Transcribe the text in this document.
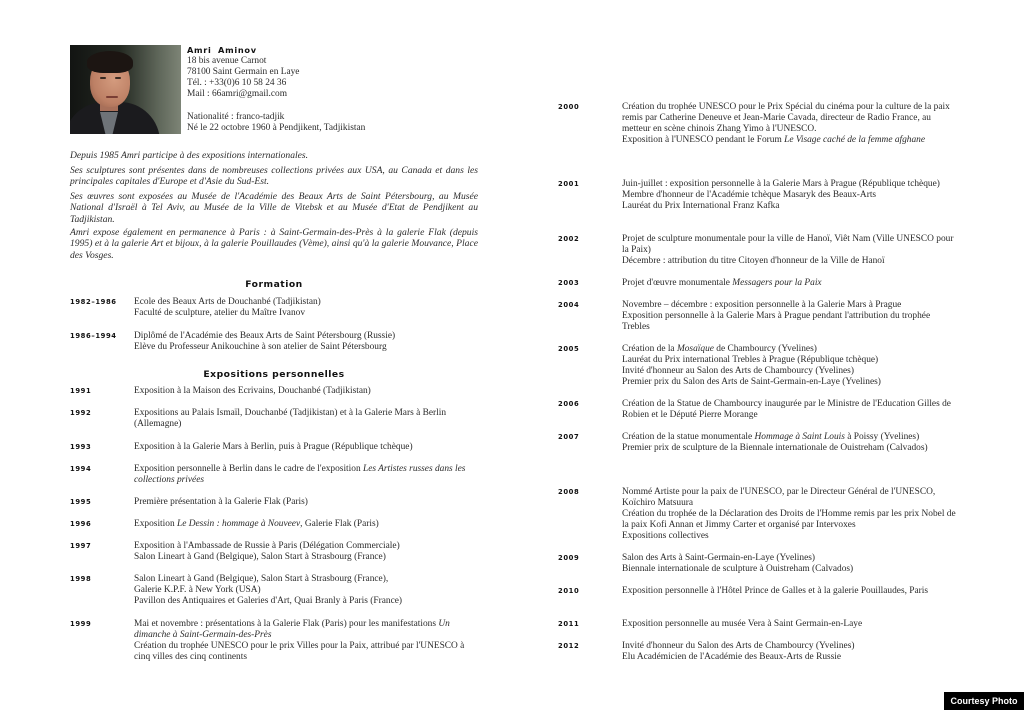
Amri Aminov
18 bis avenue Carnot
78100 Saint Germain en Laye
Tél. : +33(0)6 10 58 24 36
Mail : 66amri@gmail.com
Nationalité : franco-tadjik
Né le 22 octobre 1960 à Pendjikent, Tadjikistan

Depuis 1985 Amri participe à des expositions internationales.

Ses sculptures sont présentes dans de nombreuses collections privées aux USA, au Canada et dans les principales capitales d'Europe et d'Asie du Sud-Est.

Ses œuvres sont exposées au Musée de l'Académie des Beaux Arts de Saint Pétersbourg, au Musée National d'Israël à Tel Aviv, au Musée de la Ville de Vitebsk et au Musée d'Etat de Pendjikent au Tadjikistan.

Amri expose également en permanence à Paris : à Saint-Germain-des-Près à la galerie Flak (depuis 1995) et à la galerie Art et bijoux, à la galerie Pouillaudes (Vème), ainsi qu'à la galerie Mouvance, Place des Vosges.

Formation
1982–1986 Ecole des Beaux Arts de Douchanbé (Tadjikistan)
Faculté de sculpture, atelier du Maître Ivanov
1986–1994 Diplômé de l'Académie des Beaux Arts de Saint Pétersbourg (Russie)
Elève du Professeur Anikouchine à son atelier de Saint Pétersbourg
Expositions personnelles
1991	Exposition à la Maison des Ecrivains, Douchanbé (Tadjikistan)
1992	Expositions au Palais Ismaïl, Douchanbé (Tadjikistan) et à la Galerie Mars à Berlin (Allemagne)
1993	Exposition à la Galerie Mars à Berlin, puis à Prague (République tchèque)
1994	Exposition personnelle à Berlin dans le cadre de l'exposition Les Artistes russes dans les collections privées
1995	Première présentation à la Galerie Flak (Paris)
1996	Exposition Le Dessin : hommage à Nouveev, Galerie Flak (Paris)
1997	Exposition à l'Ambassade de Russie à Paris (Délégation Commerciale)
Salon Lineart à Gand (Belgique), Salon Start à Strasbourg (France)
1998	Salon Lineart à Gand (Belgique), Salon Start à Strasbourg (France),
Galerie K.P.F. à New York (USA)
Pavillon des Antiquaires et Galeries d'Art, Quai Branly à Paris (France)
1999	Mai et novembre : présentations à la Galerie Flak (Paris) pour les manifestations Un dimanche à Saint-Germain-des-Près
Création du trophée UNESCO pour le prix Villes pour la Paix, attribué par l'UNESCO à cinq villes des cinq continents
2000	Création du trophée UNESCO pour le Prix Spécial du cinéma pour la culture de la paix remis par Catherine Deneuve et Jean-Marie Cavada, directeur de Radio France, au metteur en scène chinois Zhang Yimo à l'UNESCO.
Exposition à l'UNESCO pendant le Forum Le Visage caché de la femme afghane
2001	Juin-juillet : exposition personnelle à la Galerie Mars à Prague (République tchèque)
Membre d'honneur de l'Académie tchèque Masaryk des Beaux-Arts
Lauréat du Prix International Franz Kafka
2002	Projet de sculpture monumentale pour la ville de Hanoï, Viêt Nam (Ville UNESCO pour la Paix)
Décembre : attribution du titre Citoyen d'honneur de la Ville de Hanoï
2003	Projet d'œuvre monumentale Messagers pour la Paix
2004	Novembre – décembre : exposition personnelle à la Galerie Mars à Prague
Exposition personnelle à la Galerie Mars à Prague pendant l'attribution du trophée Trebles
2005	Création de la Mosaïque de Chambourcy (Yvelines)
Lauréat du Prix international Trebles à Prague (République tchèque)
Invité d'honneur au Salon des Arts de Chambourcy (Yvelines)
Premier prix du Salon des Arts de Saint-Germain-en-Laye (Yvelines)
2006	Création de la Statue de Chambourcy inaugurée par le Ministre de l'Education Gilles de Robien et le Député Pierre Morange
2007	Création de la statue monumentale Hommage à Saint Louis à Poissy (Yvelines)
Premier prix de sculpture de la Biennale internationale de Ouistreham (Calvados)
2008	Nommé Artiste pour la paix de l'UNESCO, par le Directeur Général de l'UNESCO, Koïchiro Matsuura
Création du trophée de la Déclaration des Droits de l'Homme remis par les prix Nobel de la paix Kofi Annan et Jimmy Carter et organisé par Intervoxes
Expositions collectives
2009	Salon des Arts à Saint-Germain-en-Laye (Yvelines)
Biennale internationale de sculpture à Ouistreham (Calvados)
2010	Exposition personnelle à l'Hôtel Prince de Galles et à la galerie Pouillaudes, Paris
2011	Exposition personnelle au musée Vera à Saint Germain-en-Laye
2012	Invité d'honneur du Salon des Arts de Chambourcy (Yvelines)
Elu Académicien de l'Académie des Beaux-Arts de Russie
Courtesy Photo
